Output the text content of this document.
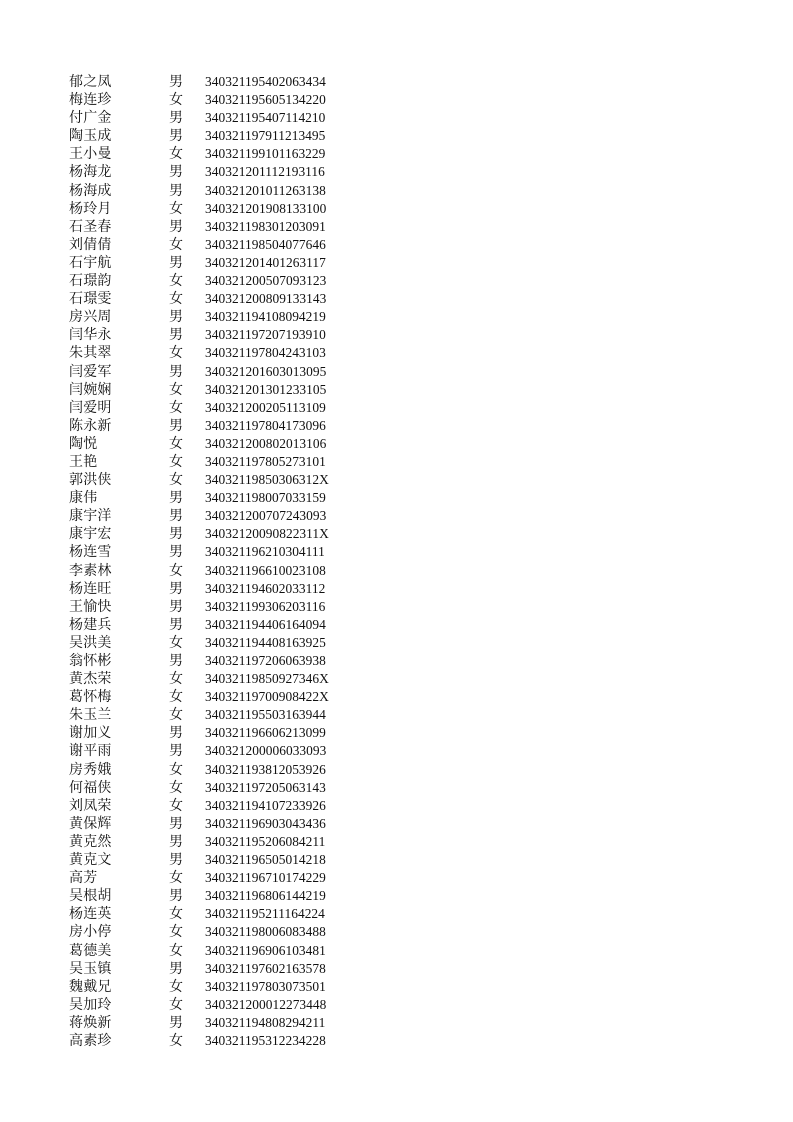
郁之凤	男	340321195402063434
梅连珍	女	340321195605134220
付广金	男	340321195407114210
陶玉成	男	340321197911213495
王小曼	女	340321199101163229
杨海龙	男	340321201112193116
杨海成	男	340321201011263138
杨玲月	女	340321201908133100
石圣春	男	340321198301203091
刘倩倩	女	340321198504077646
石宇航	男	340321201401263117
石璟韵	女	340321200507093123
石璟雯	女	340321200809133143
房兴周	男	340321194108094219
闫华永	男	340321197207193910
朱其翠	女	340321197804243103
闫爱军	男	340321201603013095
闫婉娴	女	340321201301233105
闫爱明	女	340321200205113109
陈永新	男	340321197804173096
陶悦	女	340321200802013106
王艳	女	340321197805273101
郭洪侠	女	34032119850306312X
康伟	男	340321198007033159
康宇洋	男	340321200707243093
康宇宏	男	34032120090822311X
杨连雪	男	340321196210304111
李素林	女	340321196610023108
杨连旺	男	340321194602033112
王愉快	男	340321199306203116
杨建兵	男	340321194406164094
吴洪美	女	340321194408163925
翁怀彬	男	340321197206063938
黄杰荣	女	34032119850927346X
葛怀梅	女	34032119700908422X
朱玉兰	女	340321195503163944
谢加义	男	340321196606213099
谢平雨	男	340321200006033093
房秀娥	女	340321193812053926
何福侠	女	340321197205063143
刘凤荣	女	340321194107233926
黄保辉	男	340321196903043436
黄克然	男	340321195206084211
黄克文	男	340321196505014218
高芳	女	340321196710174229
吴根胡	男	340321196806144219
杨连英	女	340321195211164224
房小停	女	340321198006083488
葛德美	女	340321196906103481
吴玉镇	男	340321197602163578
魏戴兄	女	340321197803073501
吴加玲	女	340321200012273448
蒋焕新	男	340321194808294211
高素珍	女	340321195312234228
